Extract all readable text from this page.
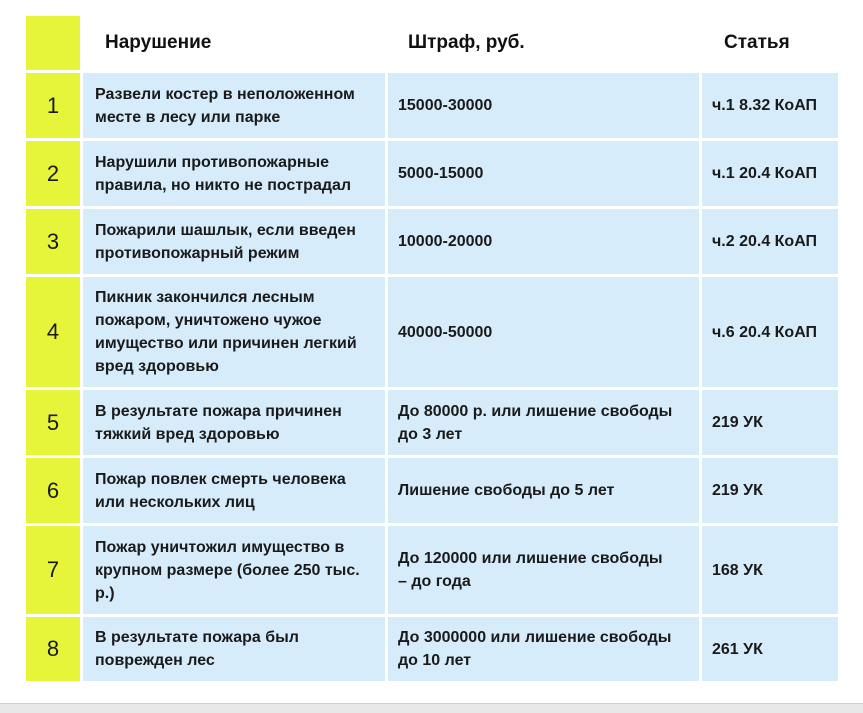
	Нарушение	Штраф, руб.	Статья
1	Развели костер в неположенном
месте в лесу или парке	15000-30000	ч.1 8.32 КоАП
2	Нарушили противопожарные
правила, но никто не пострадал	5000-15000	ч.1 20.4 КоАП
3	Пожарили шашлык, если введен
противопожарный режим	10000-20000	ч.2 20.4 КоАП
4	Пикник закончился лесным
пожаром, уничтожено чужое
имущество или причинен легкий
вред здоровью	40000-50000	ч.6 20.4 КоАП
5	В результате пожара причинен
тяжкий вред здоровью	До 80000 р. или лишение свободы
до 3 лет	219 УК
6	Пожар повлек смерть человека
или нескольких лиц	Лишение свободы до 5 лет	219 УК
7	Пожар уничтожил имущество в
крупном размере (более 250 тыс.
р.)	До 120000 или лишение свободы
– до года	168 УК
8	В результате пожара был
поврежден лес	До 3000000 или лишение свободы
до 10 лет	261 УК
